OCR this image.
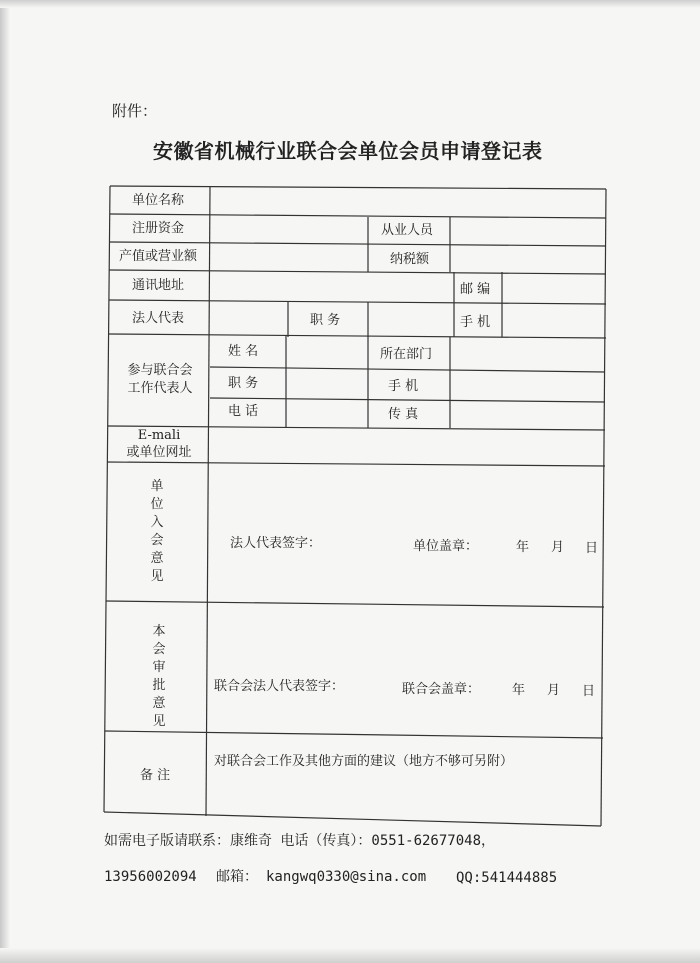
附件：
安徽省机械行业联合会单位会员申请登记表
单位名称
注册资金	从业人员
产值或营业额	纳税额
通讯地址	邮 编
法人代表	职 务	手 机
参与联合会
工作代表人
姓 名	所在部门
职 务	手 机
电 话	传 真
E-mali
或单位网址
单
位
入
会
意
见
法人代表签字：	单位盖章：	年 月 日
本
会
审
批
意
见
联合会法人代表签字：	联合会盖章： 年 月 日
备 注
对联合会工作及其他方面的建议（地方不够可另附）
如需电子版请联系：康维奇 电话（传真）：0551-62677048，
13956002094 邮箱： kangwq0330@sina.com QQ:541444885
